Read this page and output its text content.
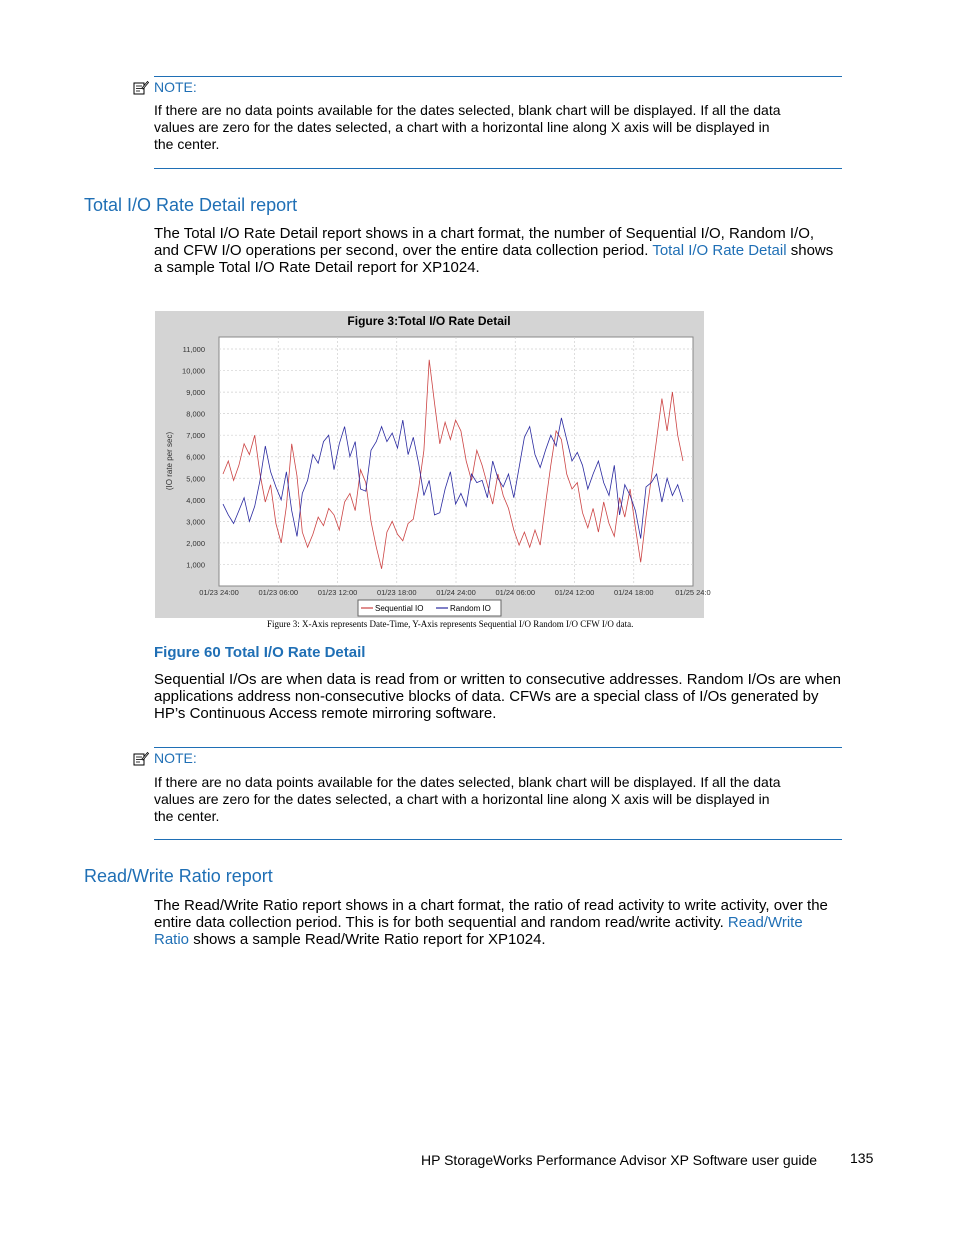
NOTE:
If there are no data points available for the dates selected, blank chart will be displayed. If all the data
values are zero for the dates selected, a chart with a horizontal line along X axis will be displayed in
the center.
Total I/O Rate Detail report
The Total I/O Rate Detail report shows in a chart format, the number of Sequential I/O, Random I/O,
and CFW I/O operations per second, over the entire data collection period. Total I/O Rate Detail shows
a sample Total I/O Rate Detail report for XP1024.
Figure 3:Total I/O Rate Detail
1,000
2,000
3,000
4,000
5,000
6,000
7,000
8,000
9,000
10,000
11,000
01/23 24:00	01/23 06:00	01/23 12:00	01/23 18:00	01/24 24:00	01/24 06:00	01/24 12:00	01/24 18:00	01/25 24:0
(IO rate per sec)
Sequential IO	Random IO
Figure 3: X-Axis represents Date-Time, Y-Axis represents Sequential I/O Random I/O CFW I/O data.
Figure 60 Total I/O Rate Detail
Sequential I/Os are when data is read from or written to consecutive addresses. Random I/Os are when
applications address non-consecutive blocks of data. CFWs are a special class of I/Os generated by
HP’s Continuous Access remote mirroring software.
NOTE:
If there are no data points available for the dates selected, blank chart will be displayed. If all the data
values are zero for the dates selected, a chart with a horizontal line along X axis will be displayed in
the center.
Read/Write Ratio report
The Read/Write Ratio report shows in a chart format, the ratio of read activity to write activity, over the
entire data collection period. This is for both sequential and random read/write activity. Read/Write
Ratio shows a sample Read/Write Ratio report for XP1024.
HP StorageWorks Performance Advisor XP Software user guide 135
